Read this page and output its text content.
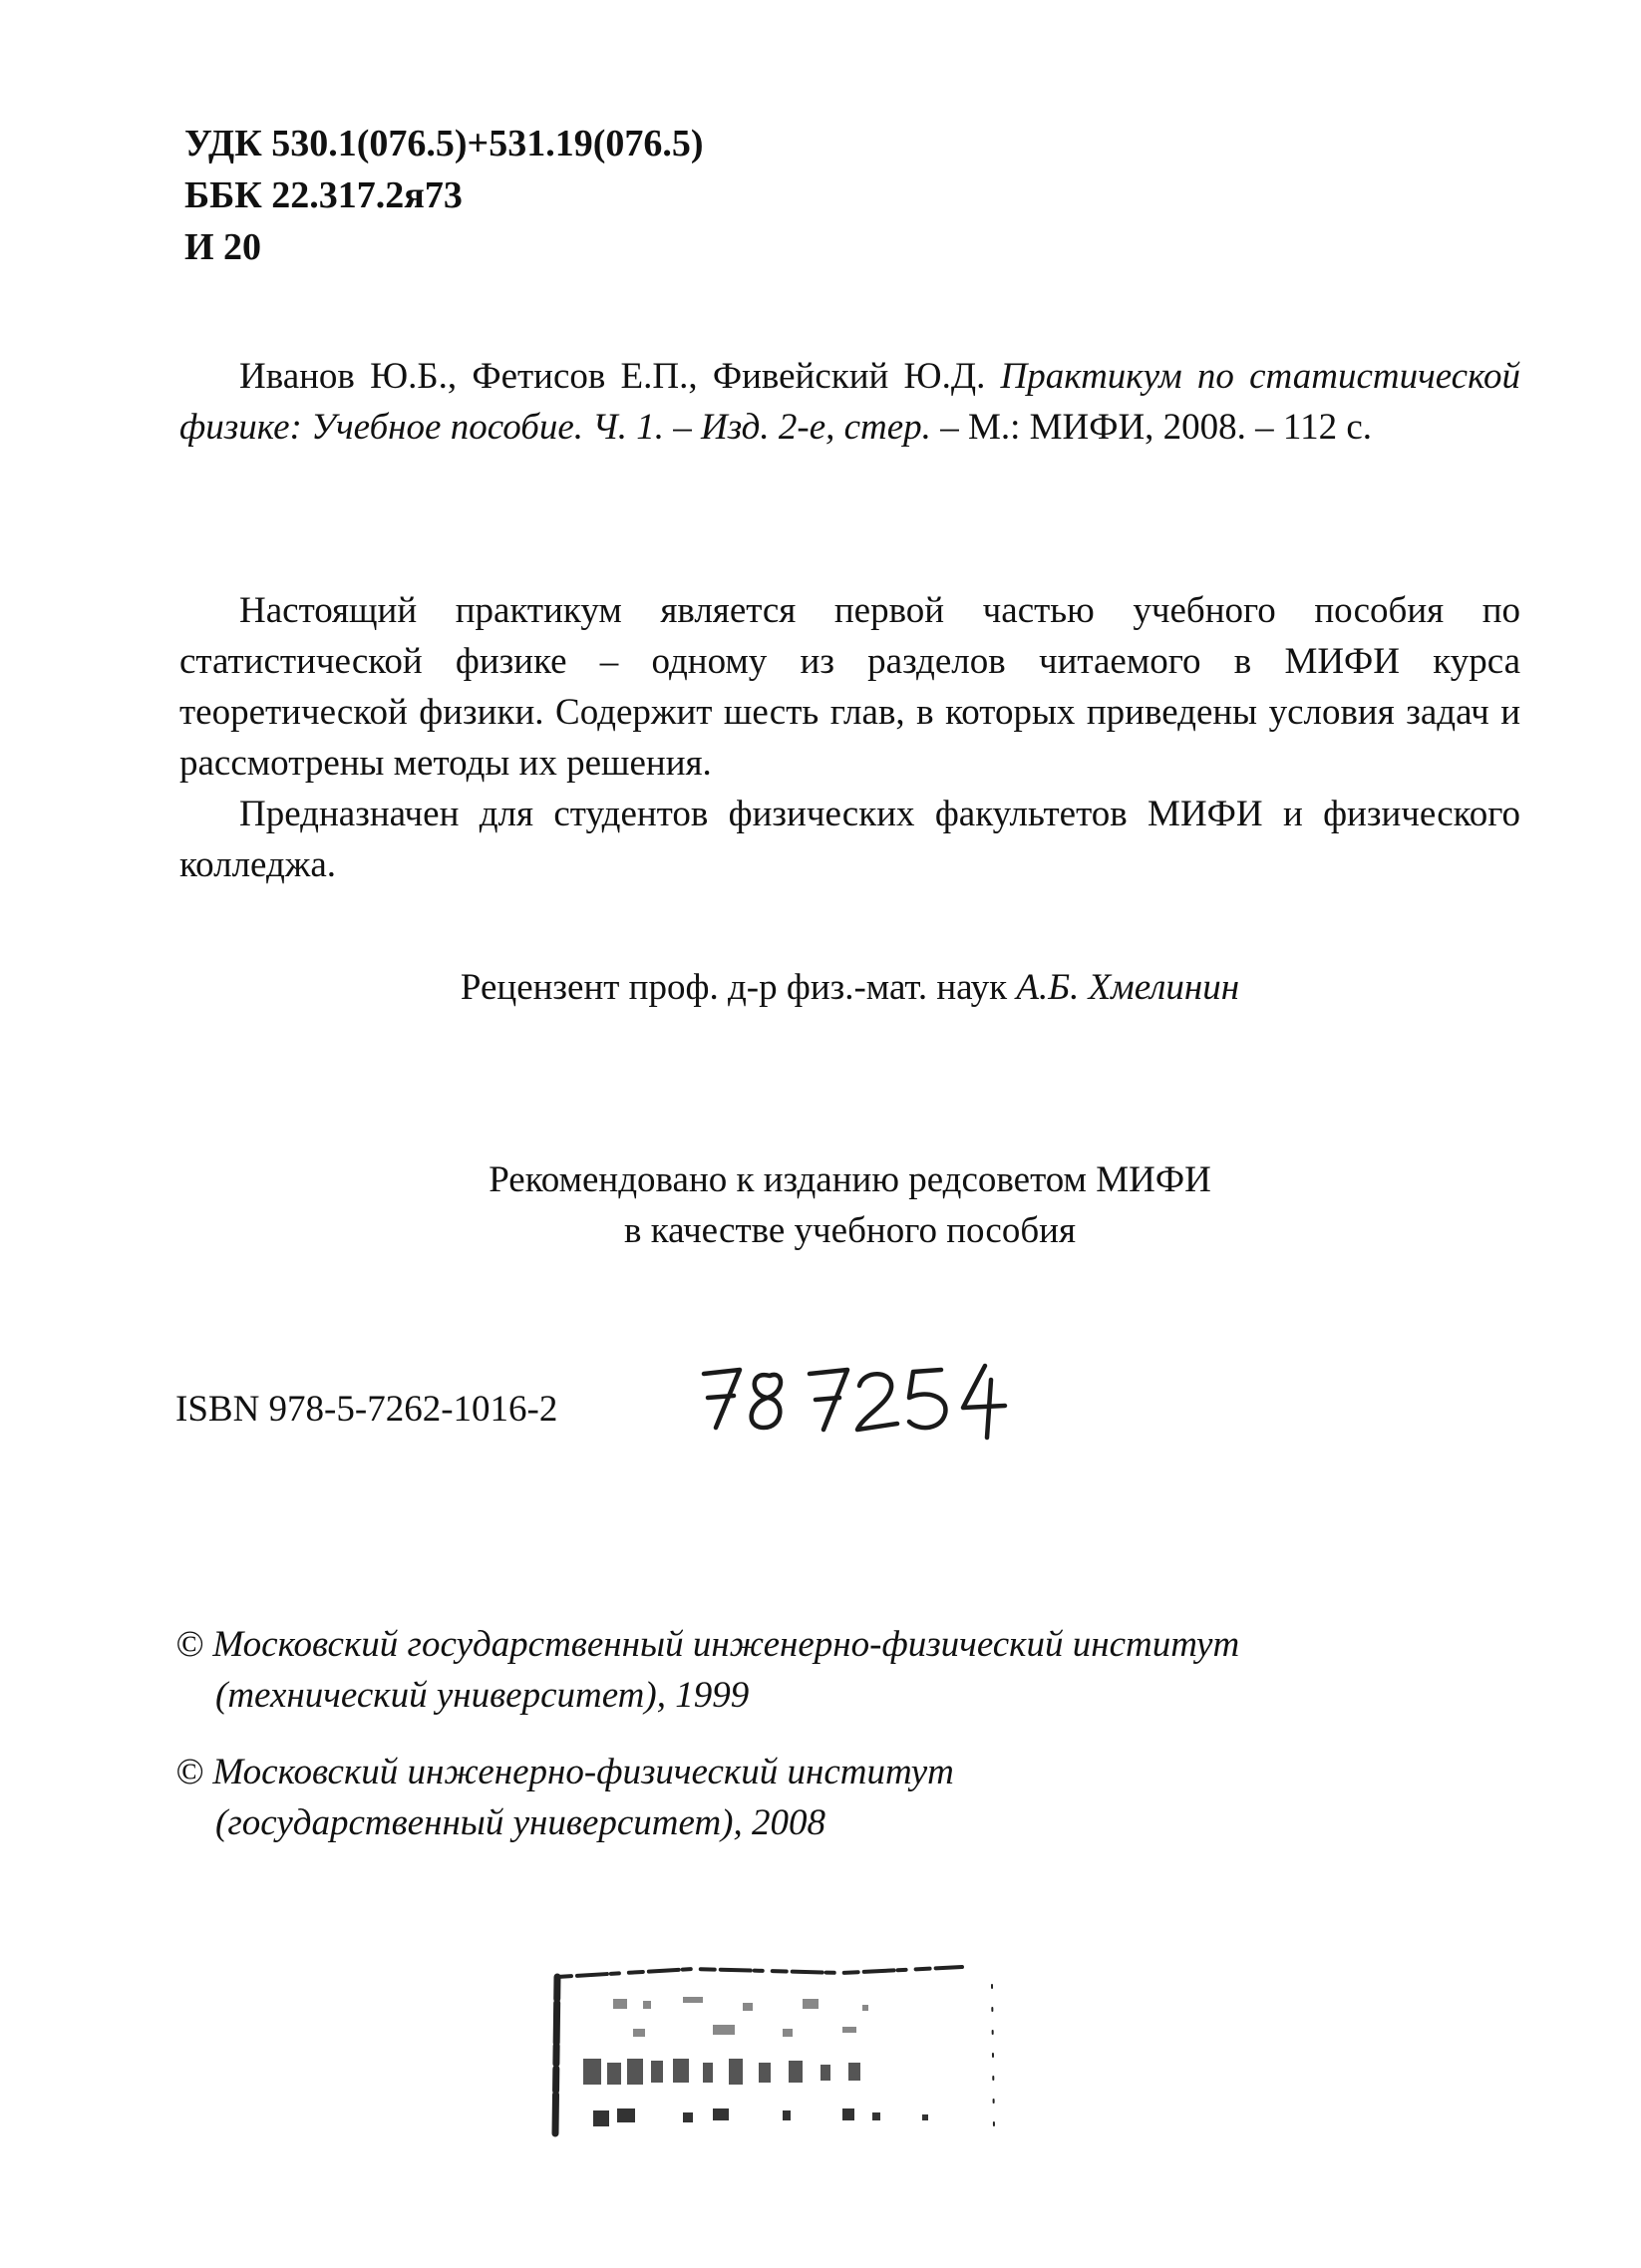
УДК 530.1(076.5)+531.19(076.5)
ББК 22.317.2я73
И 20
Иванов Ю.Б., Фетисов Е.П., Фивейский Ю.Д. Практикум по статистической физике: Учебное пособие. Ч. 1. – Изд. 2-е, стер. – М.: МИФИ, 2008. – 112 с.

Настоящий практикум является первой частью учебного пособия по статистической физике – одному из разделов читаемого в МИФИ курса теоретической физики. Содержит шесть глав, в которых приведены условия задач и рассмотрены методы их решения.

Предназначен для студентов физических факультетов МИФИ и физического колледжа.

Рецензент проф. д-р физ.-мат. наук А.Б. Хмелинин
Рекомендовано к изданию редсоветом МИФИ
в качестве учебного пособия
ISBN 978-5-7262-1016-2
© Московский государственный инженерно-физический институт
(технический университет), 1999
© Московский инженерно-физический институт
(государственный университет), 2008
